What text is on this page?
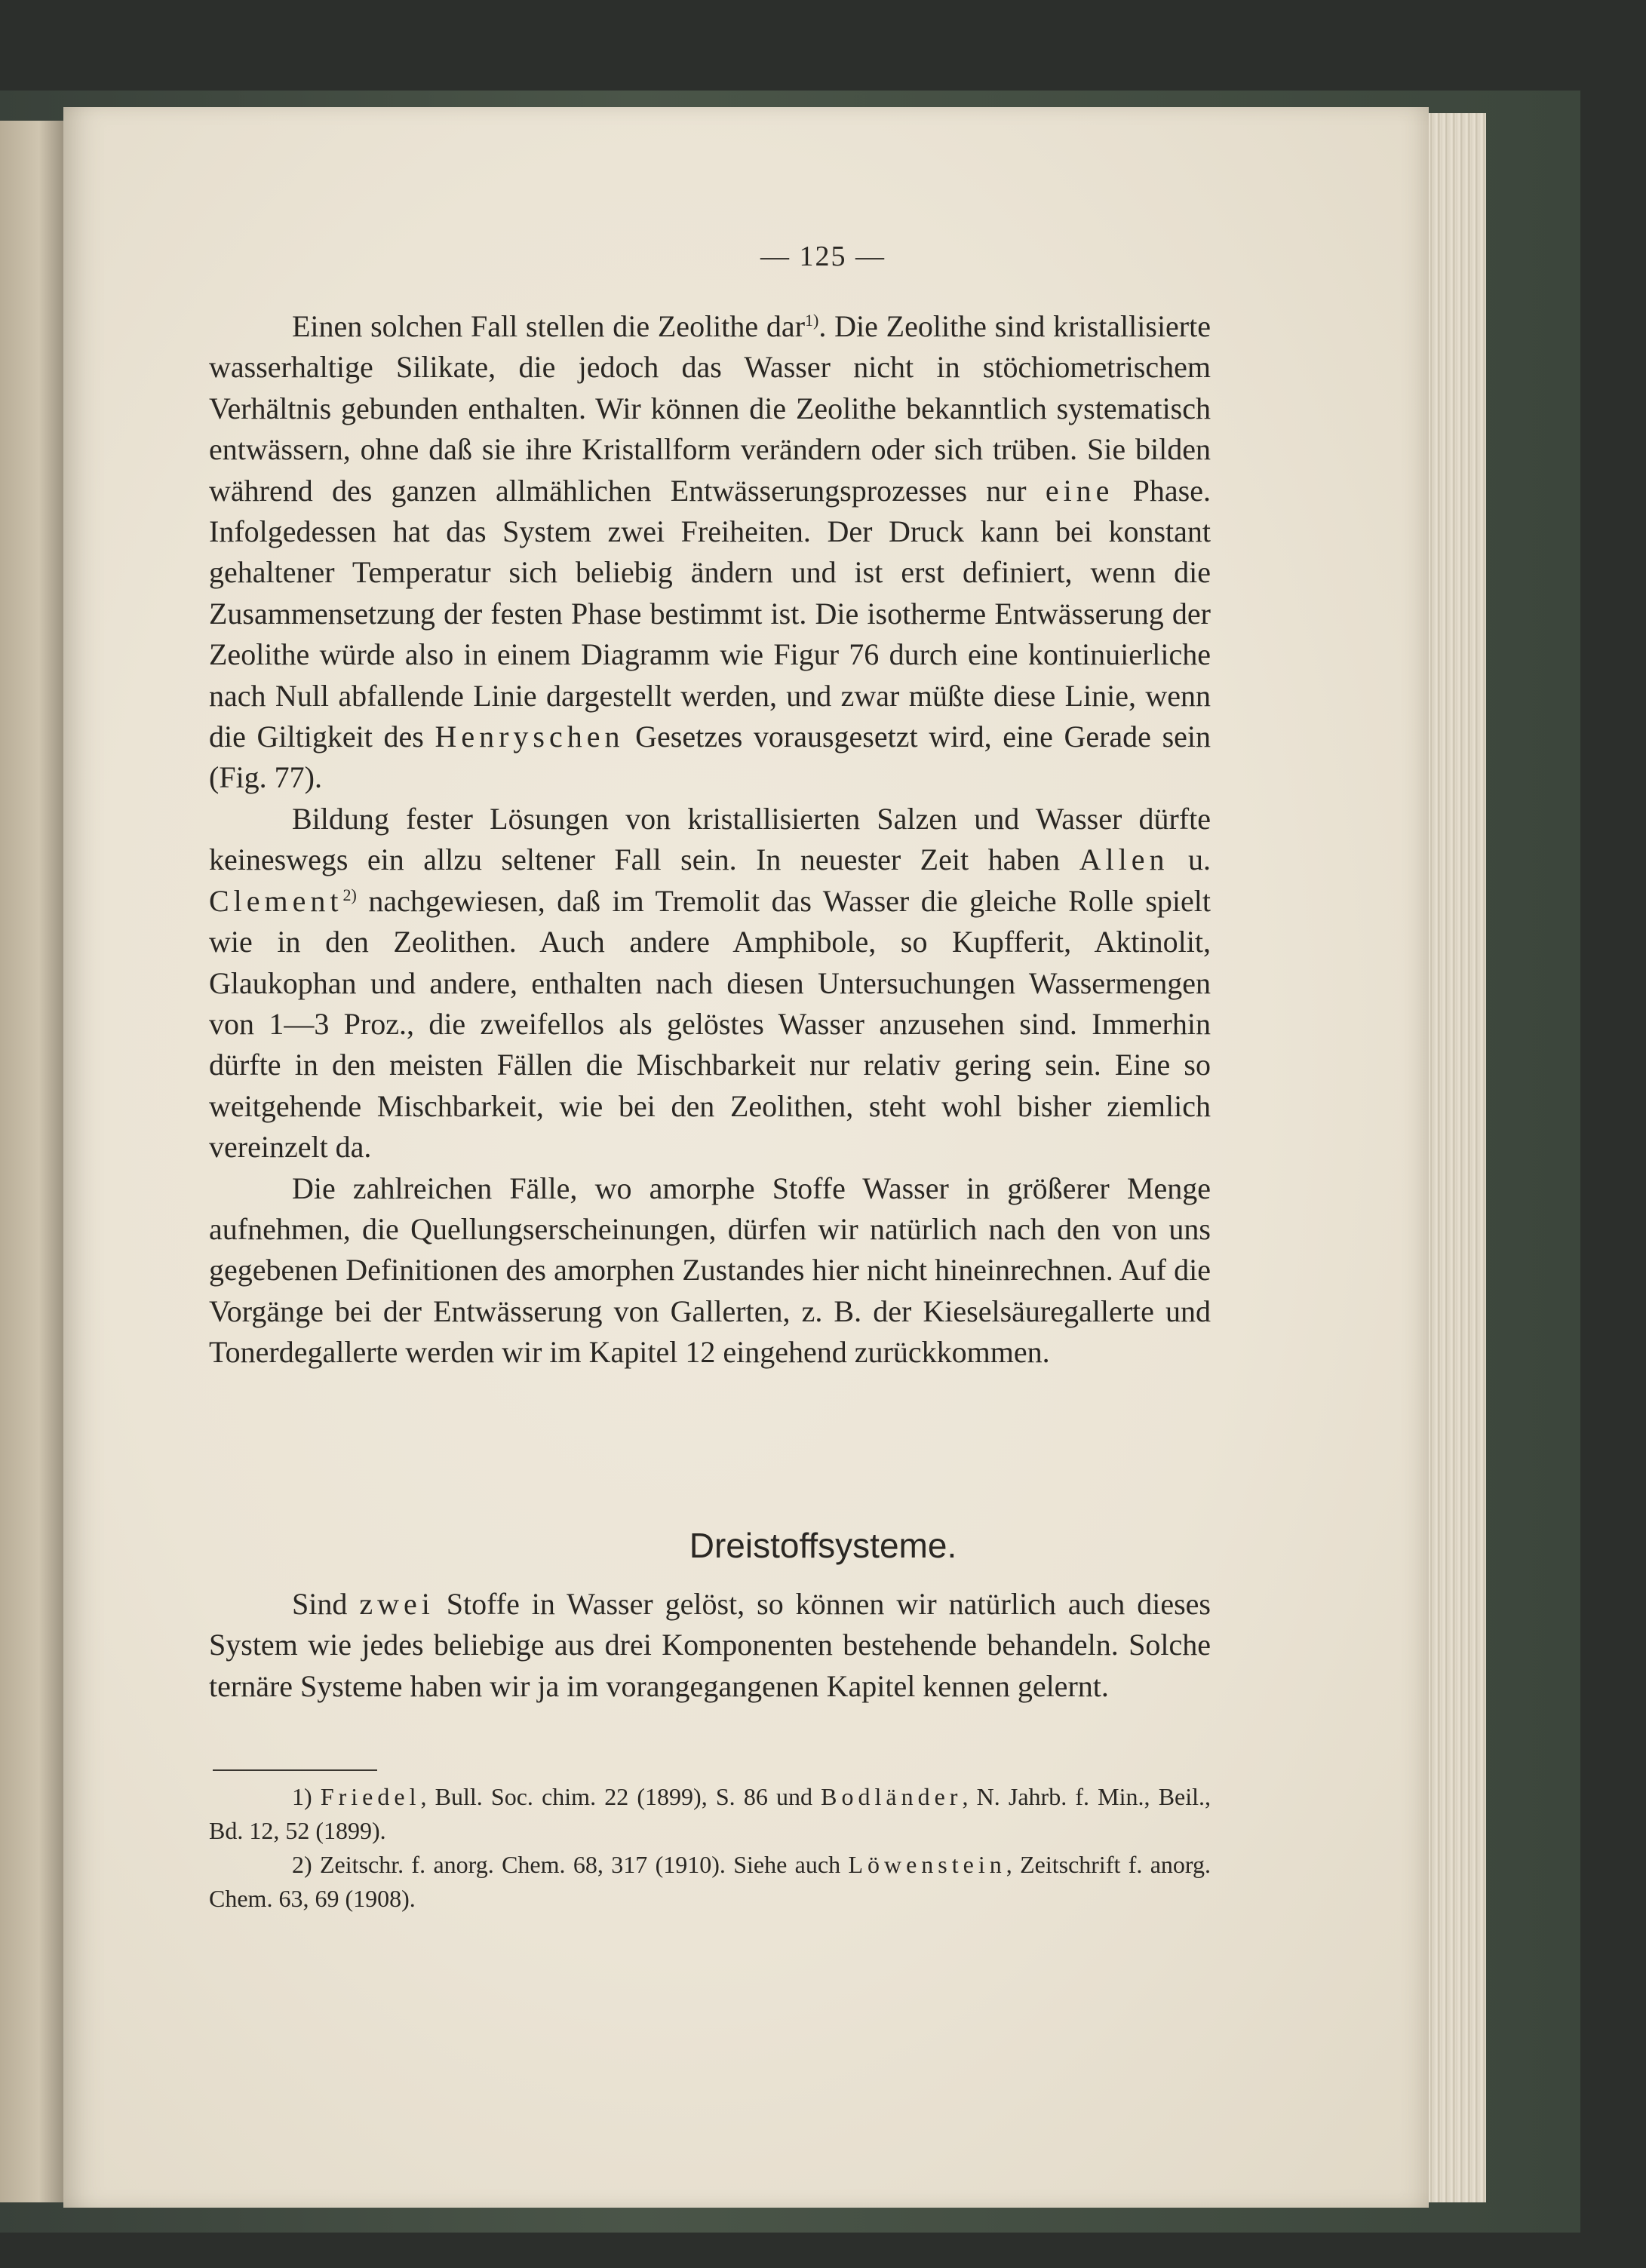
— 125 —

Einen solchen Fall stellen die Zeolithe dar$^{1)}$. Die Zeolithe sind kristallisierte wasserhaltige Silikate, die jedoch das Wasser nicht in stöchiometrischem Verhältnis gebunden enthalten. Wir können die Zeolithe bekanntlich systematisch entwässern, ohne daß sie ihre Kristallform verändern oder sich trüben. Sie bilden während des ganzen allmählichen Entwässerungsprozesses nur eine Phase. Infolgedessen hat das System zwei Freiheiten. Der Druck kann bei konstant gehaltener Temperatur sich beliebig ändern und ist erst definiert, wenn die Zusammensetzung der festen Phase bestimmt ist. Die isotherme Entwässerung der Zeolithe würde also in einem Diagramm wie Figur 76 durch eine kontinuierliche nach Null abfallende Linie dargestellt werden, und zwar müßte diese Linie, wenn die Giltigkeit des Henryschen Gesetzes vorausgesetzt wird, eine Gerade sein (Fig. 77).

Bildung fester Lösungen von kristallisierten Salzen und Wasser dürfte keineswegs ein allzu seltener Fall sein. In neuester Zeit haben Allen u. Clement$^{2)}$ nachgewiesen, daß im Tremolit das Wasser die gleiche Rolle spielt wie in den Zeolithen. Auch andere Amphibole, so Kupfferit, Aktinolit, Glaukophan und andere, enthalten nach diesen Untersuchungen Wassermengen von 1—3 Proz., die zweifellos als gelöstes Wasser anzusehen sind. Immerhin dürfte in den meisten Fällen die Mischbarkeit nur relativ gering sein. Eine so weitgehende Mischbarkeit, wie bei den Zeolithen, steht wohl bisher ziemlich vereinzelt da.

Die zahlreichen Fälle, wo amorphe Stoffe Wasser in größerer Menge aufnehmen, die Quellungserscheinungen, dürfen wir natürlich nach den von uns gegebenen Definitionen des amorphen Zustandes hier nicht hineinrechnen. Auf die Vorgänge bei der Entwässerung von Gallerten, z. B. der Kieselsäuregallerte und Tonerdegallerte werden wir im Kapitel 12 eingehend zurückkommen.

Dreistoffsysteme.

Sind zwei Stoffe in Wasser gelöst, so können wir natürlich auch dieses System wie jedes beliebige aus drei Komponenten bestehende behandeln. Solche ternäre Systeme haben wir ja im vorangegangenen Kapitel kennen gelernt.

1) Friedel, Bull. Soc. chim. 22 (1899), S. 86 und Bodländer, N. Jahrb. f. Min., Beil., Bd. 12, 52 (1899).

2) Zeitschr. f. anorg. Chem. 68, 317 (1910). Siehe auch Löwenstein, Zeitschrift f. anorg. Chem. 63, 69 (1908).
